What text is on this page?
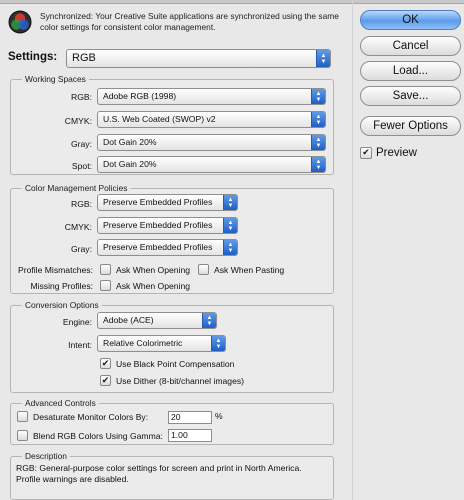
Synchronized: Your Creative Suite applications are synchronized using the same color settings for consistent color management.
Settings:	RGB	▲
▼
Working Spaces
RGB:	Adobe RGB (1998)	▲
▼
CMYK:	U.S. Web Coated (SWOP) v2	▲
▼
Gray:	Dot Gain 20%	▲
▼
Spot:	Dot Gain 20%	▲
▼
Color Management Policies
RGB:	Preserve Embedded Profiles	▲
▼
CMYK:	Preserve Embedded Profiles	▲
▼
Gray:	Preserve Embedded Profiles	▲
▼
Profile Mismatches:	Ask When Opening	Ask When Pasting
Missing Profiles:	Ask When Opening
Conversion Options
Engine:	Adobe (ACE)	▲
▼
Intent:	Relative Colorimetric	▲
▼
✔ Use Black Point Compensation
✔ Use Dither (8-bit/channel images)
Advanced Controls
Desaturate Monitor Colors By:	20	%
Blend RGB Colors Using Gamma: 1.00
Description
RGB: General-purpose color settings for screen and print in North America. Profile warnings are disabled.
OK
Cancel
Load...
Save...
Fewer Options
✔ Preview
